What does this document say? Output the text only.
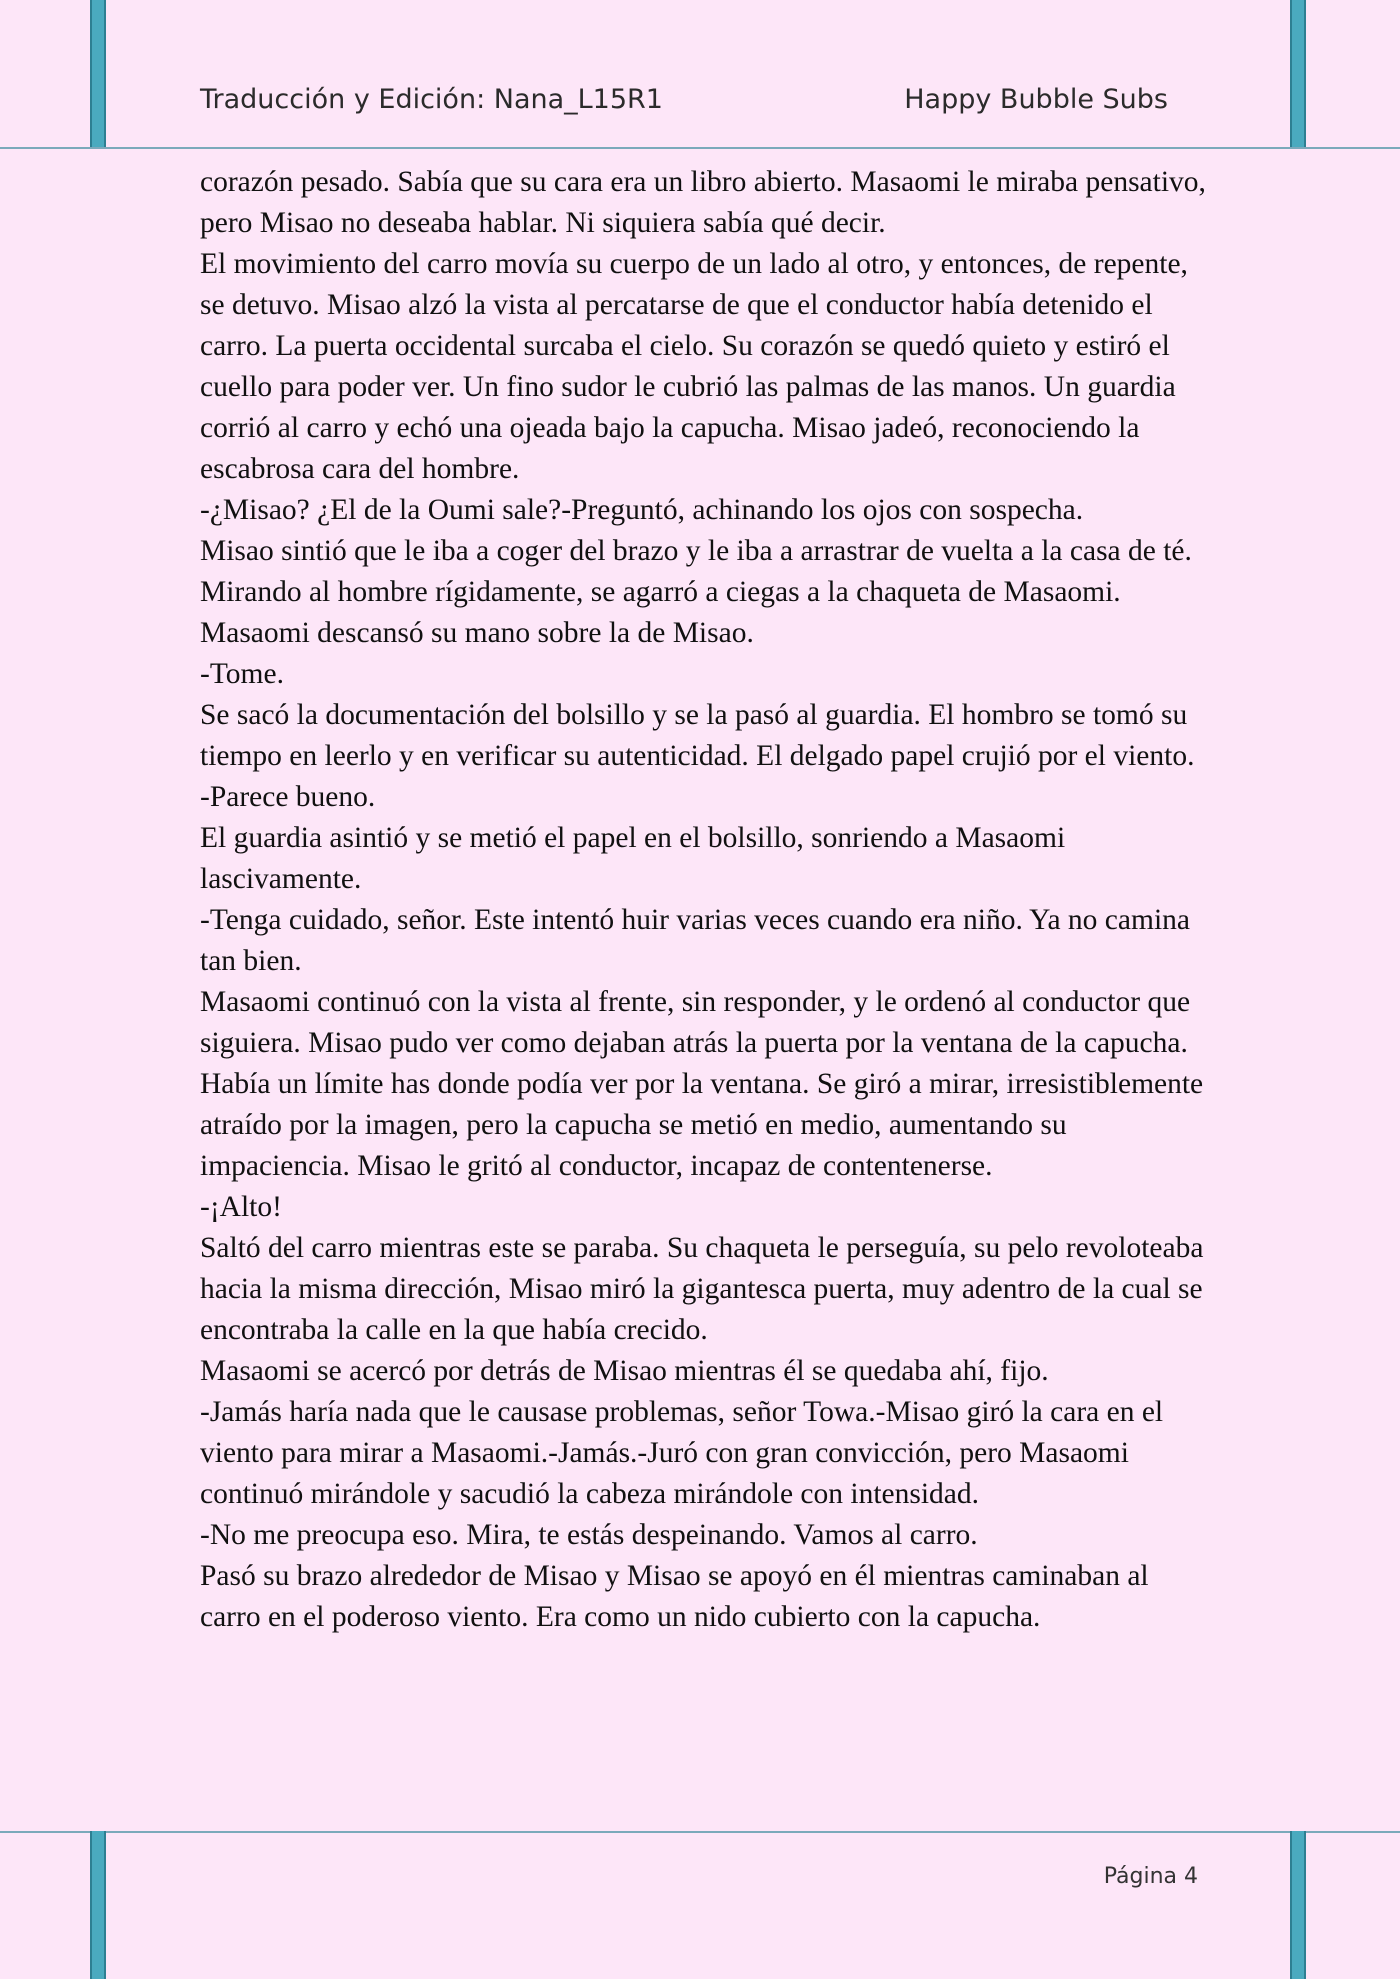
Traducción y Edición: Nana_L15R1	Happy Bubble Subs

corazón pesado. Sabía que su cara era un libro abierto. Masaomi le miraba pensativo, pero Misao no deseaba hablar. Ni siquiera sabía qué decir.

El movimiento del carro movía su cuerpo de un lado al otro, y entonces, de repente, se detuvo. Misao alzó la vista al percatarse de que el conductor había detenido el carro. La puerta occidental surcaba el cielo. Su corazón se quedó quieto y estiró el cuello para poder ver. Un fino sudor le cubrió las palmas de las manos. Un guardia corrió al carro y echó una ojeada bajo la capucha. Misao jadeó, reconociendo la escabrosa cara del hombre.

-¿Misao? ¿El de la Oumi sale?-Preguntó, achinando los ojos con sospecha.

Misao sintió que le iba a coger del brazo y le iba a arrastrar de vuelta a la casa de té. Mirando al hombre rígidamente, se agarró a ciegas a la chaqueta de Masaomi. Masaomi descansó su mano sobre la de Misao.

-Tome.

Se sacó la documentación del bolsillo y se la pasó al guardia. El hombro se tomó su tiempo en leerlo y en verificar su autenticidad. El delgado papel crujió por el viento.

-Parece bueno.

El guardia asintió y se metió el papel en el bolsillo, sonriendo a Masaomi lascivamente.

-Tenga cuidado, señor. Este intentó huir varias veces cuando era niño. Ya no camina tan bien.

Masaomi continuó con la vista al frente, sin responder, y le ordenó al conductor que siguiera. Misao pudo ver como dejaban atrás la puerta por la ventana de la capucha. Había un límite has donde podía ver por la ventana. Se giró a mirar, irresistiblemente atraído por la imagen, pero la capucha se metió en medio, aumentando su impaciencia. Misao le gritó al conductor, incapaz de contentenerse.

-¡Alto!

Saltó del carro mientras este se paraba. Su chaqueta le perseguía, su pelo revoloteaba hacia la misma dirección, Misao miró la gigantesca puerta, muy adentro de la cual se encontraba la calle en la que había crecido.

Masaomi se acercó por detrás de Misao mientras él se quedaba ahí, fijo.

-Jamás haría nada que le causase problemas, señor Towa.-Misao giró la cara en el viento para mirar a Masaomi.-Jamás.-Juró con gran convicción, pero Masaomi continuó mirándole y sacudió la cabeza mirándole con intensidad.

-No me preocupa eso. Mira, te estás despeinando. Vamos al carro.

Pasó su brazo alrededor de Misao y Misao se apoyó en él mientras caminaban al carro en el poderoso viento. Era como un nido cubierto con la capucha.

Página 4
